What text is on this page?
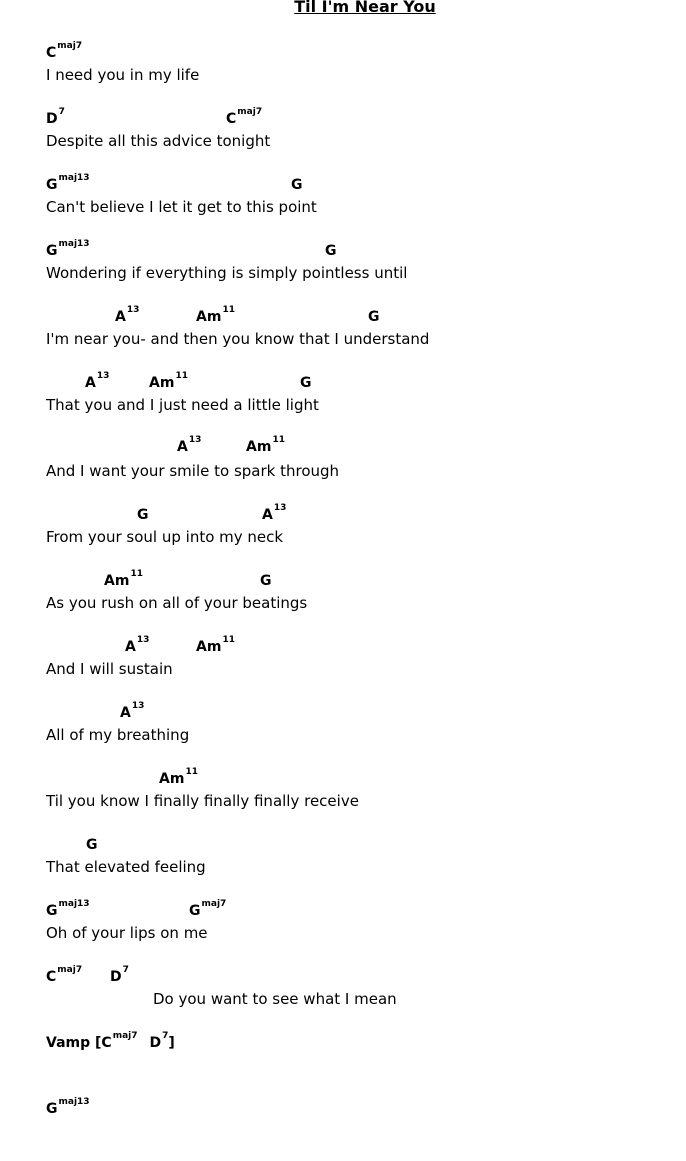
Til I'm Near You
$C^{maj7}$
I need you in my life
$D^7$	$C^{maj7}$
Despite all this advice tonight
$G^{maj13}$	G
Can't believe I let it get to this point
$G^{maj13}$	G
Wondering if everything is simply pointless until
$A^{13}$	Am$^{11}$	G
I'm near you- and then you know that I understand
$A^{13}$	Am$^{11}$	G
That you and I just need a little light
$A^{13}$	Am$^{11}$
And I want your smile to spark through
G	$A^{13}$
From your soul up into my neck
Am$^{11}$	G
As you rush on all of your beatings
$A^{13}$	Am$^{11}$
And I will sustain
$A^{13}$
All of my breathing
Am$^{11}$
Til you know I finally finally finally receive
G
That elevated feeling
$G^{maj13}$	$G^{maj7}$
Oh of your lips on me
$C^{maj7}$ $D^7$
Do you want to see what I mean
Vamp [$C^{maj7}$ $D^7$]
$G^{maj13}$
